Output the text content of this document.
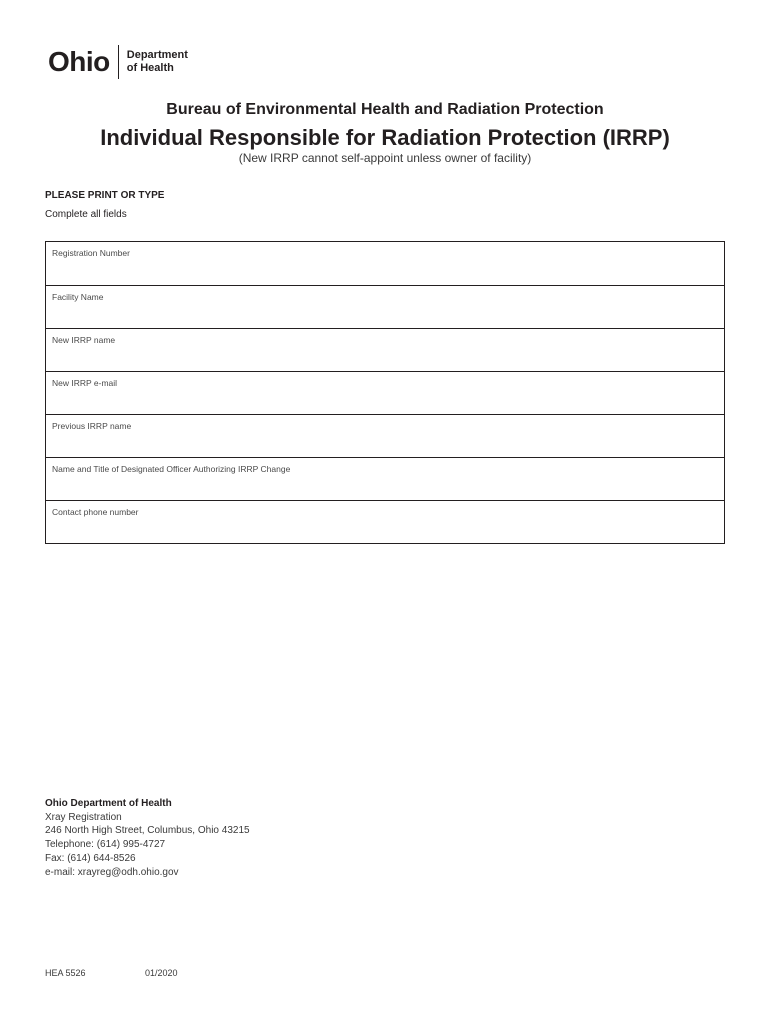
Ohio Department
of Health
Bureau of Environmental Health and Radiation Protection
Individual Responsible for Radiation Protection (IRRP)
(New IRRP cannot self-appoint unless owner of facility)
PLEASE PRINT OR TYPE
Complete all fields
Registration Number
Facility Name
New IRRP name
New IRRP e-mail
Previous IRRP name
Name and Title of Designated Officer Authorizing IRRP Change
Contact phone number
Ohio Department of Health
Xray Registration
246 North High Street, Columbus, Ohio 43215
Telephone: (614) 995-4727
Fax: (614) 644-8526
e-mail: xrayreg@odh.ohio.gov
HEA 5526	01/2020
